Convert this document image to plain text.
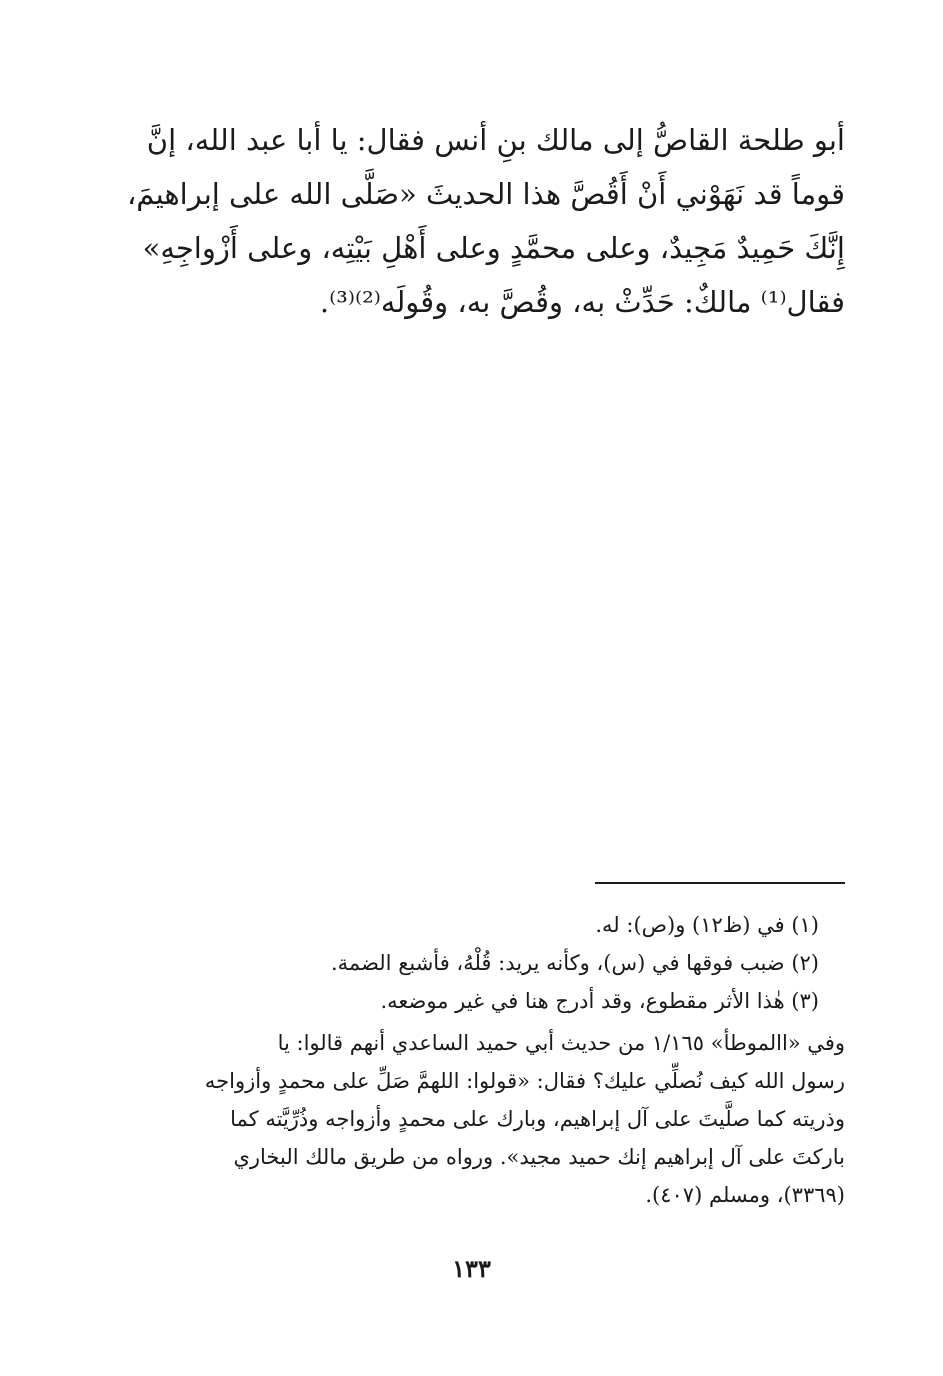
أبو طلحة القاصُّ إلى مالك بنِ أنس فقال: يا أبا عبد الله، إنَّ
قوماً قد نَهَوْني أَنْ أَقُصَّ هذا الحديثَ «صَلَّى الله على إبراهيمَ،
إِنَّكَ حَمِيدٌ مَجِيدٌ، وعلى محمَّدٍ وعلى أَهْلِ بَيْتِه، وعلى أَزْواجِهِ»
فقال⁽¹⁾ مالكٌ: حَدِّثْ به، وقُصَّ به، وقُولَه⁽²⁾⁽³⁾.
(١) في (ظ١٢) و(ص): له.
(٢) ضبب فوقها في (س)، وكأنه يريد: قُلْهُ، فأشبع الضمة.
(٣) هٰذا الأثر مقطوع، وقد أدرج هنا في غير موضعه.
وفي «االموطأ» ١/١٦٥ من حديث أبي حميد الساعدي أنهم قالوا: يا
رسول الله كيف نُصلِّي عليك؟ فقال: «قولوا: اللهمَّ صَلِّ على محمدٍ وأزواجه
وذريته كما صلَّيتَ على آل إبراهيم، وبارك على محمدٍ وأزواجه وذُرِّيَّته كما
باركتَ على آل إبراهيم إنك حميد مجيد». ورواه من طريق مالك البخاري
(٣٣٦٩)، ومسلم (٤٠٧).
١٣٣
